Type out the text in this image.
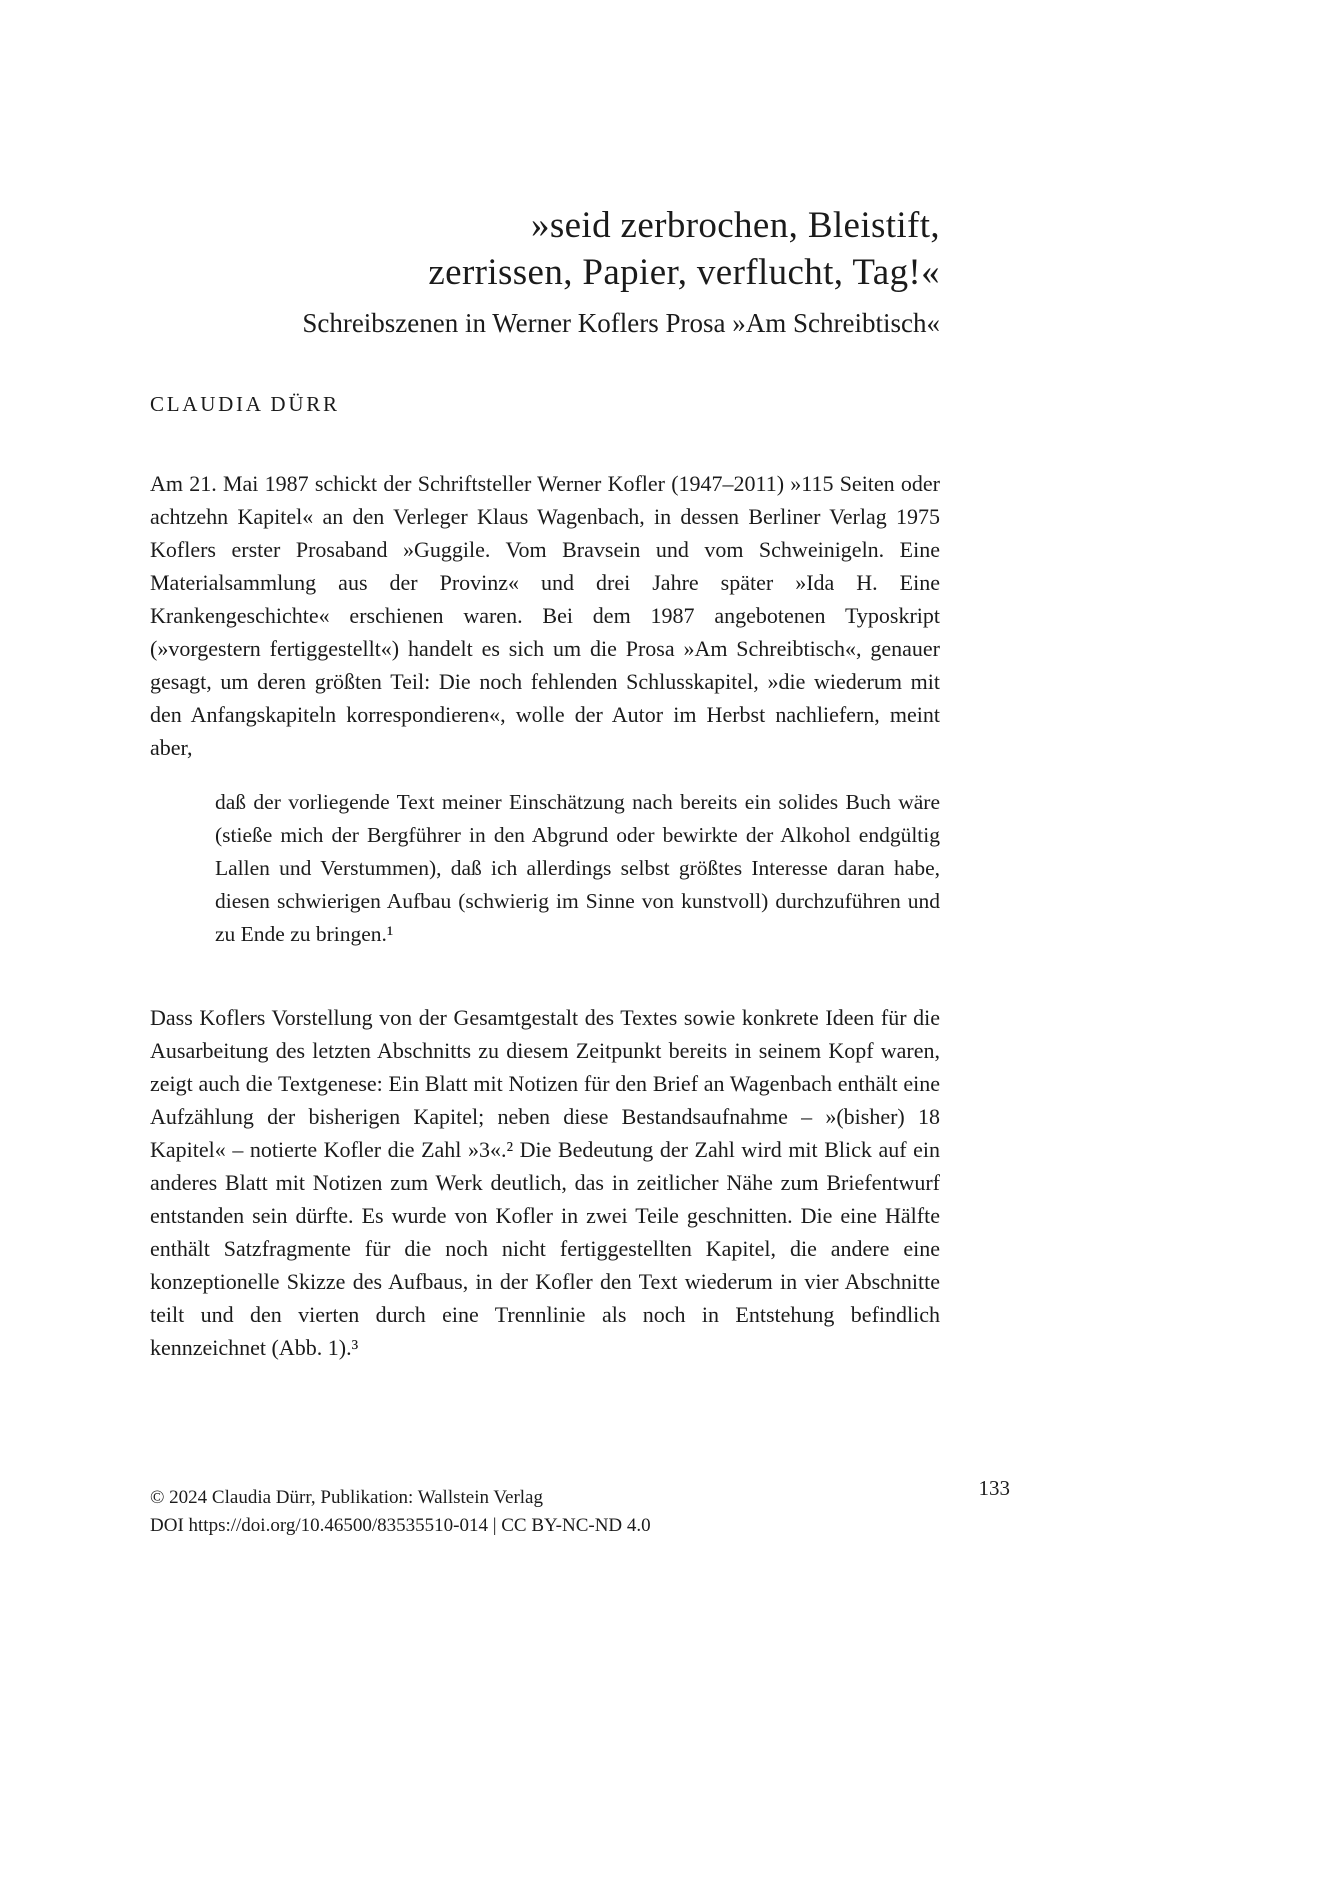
»seid zerbrochen, Bleistift,
zerrissen, Papier, verflucht, Tag!«
Schreibszenen in Werner Koflers Prosa »Am Schreibtisch«
CLAUDIA DÜRR

Am 21. Mai 1987 schickt der Schriftsteller Werner Kofler (1947–2011) »115 Seiten oder achtzehn Kapitel« an den Verleger Klaus Wagenbach, in dessen Berliner Verlag 1975 Koflers erster Prosaband »Guggile. Vom Bravsein und vom Schweinigeln. Eine Materialsammlung aus der Provinz« und drei Jahre später »Ida H. Eine Krankengeschichte« erschienen waren. Bei dem 1987 angebotenen Typoskript (»vorgestern fertiggestellt«) handelt es sich um die Prosa »Am Schreibtisch«, genauer gesagt, um deren größten Teil: Die noch fehlenden Schlusskapitel, »die wiederum mit den Anfangskapiteln korrespondieren«, wolle der Autor im Herbst nachliefern, meint aber,

daß der vorliegende Text meiner Einschätzung nach bereits ein solides Buch wäre (stieße mich der Bergführer in den Abgrund oder bewirkte der Alkohol endgültig Lallen und Verstummen), daß ich allerdings selbst größtes Interesse daran habe, diesen schwierigen Aufbau (schwierig im Sinne von kunstvoll) durchzuführen und zu Ende zu bringen.¹

Dass Koflers Vorstellung von der Gesamtgestalt des Textes sowie konkrete Ideen für die Ausarbeitung des letzten Abschnitts zu diesem Zeitpunkt bereits in seinem Kopf waren, zeigt auch die Textgenese: Ein Blatt mit Notizen für den Brief an Wagenbach enthält eine Aufzählung der bisherigen Kapitel; neben diese Bestandsaufnahme – »(bisher) 18 Kapitel« – notierte Kofler die Zahl »3«.² Die Bedeutung der Zahl wird mit Blick auf ein anderes Blatt mit Notizen zum Werk deutlich, das in zeitlicher Nähe zum Briefentwurf entstanden sein dürfte. Es wurde von Kofler in zwei Teile geschnitten. Die eine Hälfte enthält Satzfragmente für die noch nicht fertiggestellten Kapitel, die andere eine konzeptionelle Skizze des Aufbaus, in der Kofler den Text wiederum in vier Abschnitte teilt und den vierten durch eine Trennlinie als noch in Entstehung befindlich kennzeichnet (Abb. 1).³

© 2024 Claudia Dürr, Publikation: Wallstein Verlag
DOI https://doi.org/10.46500/83535510-014 | CC BY-NC-ND 4.0
133
